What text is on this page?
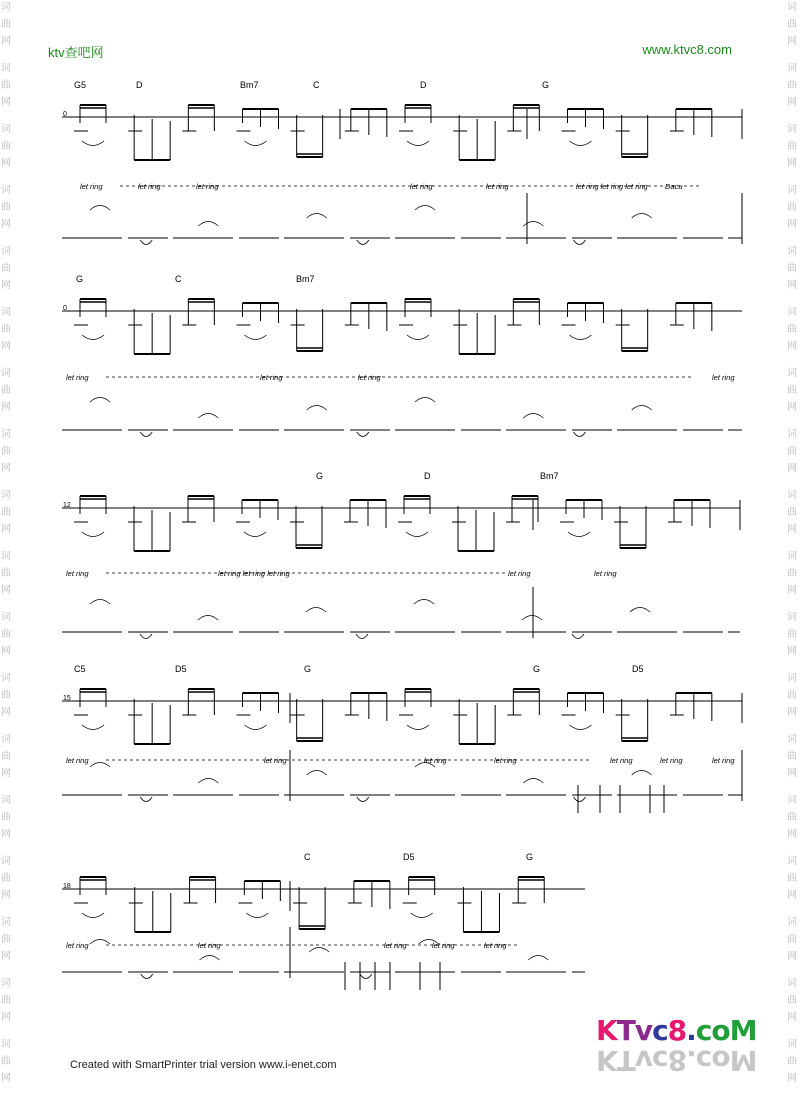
词
曲
网
词
曲
网
词
曲
网
词
曲
网
词
曲
网
词
曲
网
词
曲
网
词
曲
网
词
曲
网
词
曲
网
词
曲
网
词
曲
网
词
曲
网
词
曲
网
词
曲
网
词
曲
网
词
曲
网
词
曲
网
词
曲
网
词
曲
网
词
曲
网
词
曲
网
词
曲
网
词
曲
网
词
曲
网
词
曲
网
词
曲
网
词
曲
网
词
曲
网
词
曲
网
词
曲
网
词
曲
网
词
曲
网
词
曲
网
词
曲
网
词
曲
网
ktv查吧网	www.ktvc8.com
0
G5	D	Bm7	C	D	G
let ring	let ring	let ring	let ring	let ring	let ring let ring let ring Dacu
0
G	C	Bm7
let ring	let ring	let ring	let ring
12
G	D	Bm7
let ring	let ring let ring let ring	let ring	let ring
15
C5	D5	G	G	D5
let ring	let ring	let ring	let ring	let ring	let ring	let ring
18
C	D5	G
let ring	let ring	let ring	let ring	let ring
Created with SmartPrinter trial version www.i-enet.com
KTvc8.coM
KTvc8.coM
